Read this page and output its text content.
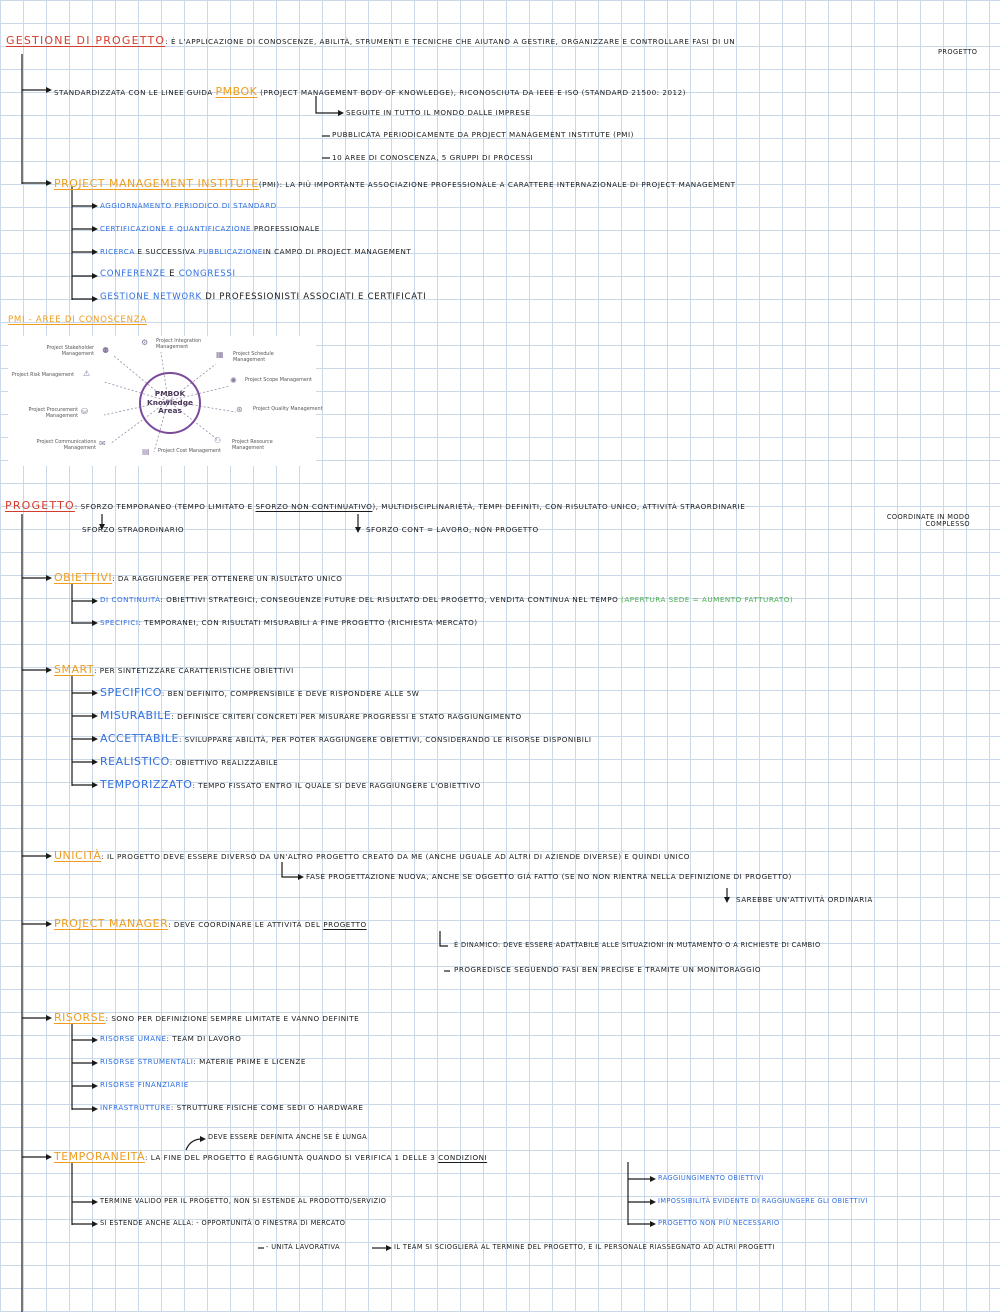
GESTIONE DI PROGETTO: È L'APPLICAZIONE DI CONOSCENZE, ABILITÀ, STRUMENTI E TECNICHE CHE AIUTANO A GESTIRE, ORGANIZZARE E CONTROLLARE FASI DI UN
PROGETTO
STANDARDIZZATA CON LE LINEE GUIDA PMBOK (PROJECT MANAGEMENT BODY OF KNOWLEDGE), RICONOSCIUTA DA IEEE E ISO (STANDARD 21500: 2012)
SEGUITE IN TUTTO IL MONDO DALLE IMPRESE
PUBBLICATA PERIODICAMENTE DA PROJECT MANAGEMENT INSTITUTE (PMI)
10 AREE DI CONOSCENZA, 5 GRUPPI DI PROCESSI
PROJECT MANAGEMENT INSTITUTE(PMI): LA PIÙ IMPORTANTE ASSOCIAZIONE PROFESSIONALE A CARATTERE INTERNAZIONALE DI PROJECT MANAGEMENT
AGGIORNAMENTO PERIODICO DI STANDARD
CERTIFICAZIONE E QUANTIFICAZIONE PROFESSIONALE
RICERCA E SUCCESSIVA PUBBLICAZIONEIN CAMPO DI PROJECT MANAGEMENT
CONFERENZE E CONGRESSI
GESTIONE NETWORK DI PROFESSIONISTI ASSOCIATI E CERTIFICATI
PMI - AREE DI CONOSCENZA
PMBOK
Knowledge
Areas
⚙ Project Integration Management
▦ Project Schedule Management
✺ Project Scope Management
⊛ Project Quality Management
⚇ Project Resource Management
▤ Project Cost Management
✉
Project Communications Management
⛁
Project Procurement Management
⚠
Project Risk Management
⚉
Project Stakeholder Management
PROGETTO: SFORZO TEMPORANEO (TEMPO LIMITATO E SFORZO NON CONTINUATIVO), MULTIDISCIPLINARIETÀ, TEMPI DEFINITI, CON RISULTATO UNICO, ATTIVITÀ STRAORDINARIE
COORDINATE IN MODO COMPLESSO
SFORZO STRAORDINARIO	SFORZO CONT = LAVORO, NON PROGETTO
OBIETTIVI: DA RAGGIUNGERE PER OTTENERE UN RISULTATO UNICO
DI CONTINUITÀ: OBIETTIVI STRATEGICI, CONSEGUENZE FUTURE DEL RISULTATO DEL PROGETTO, VENDITA CONTINUA NEL TEMPO (APERTURA SEDE = AUMENTO FATTURATO)
SPECIFICI: TEMPORANEI, CON RISULTATI MISURABILI A FINE PROGETTO (RICHIESTA MERCATO)
SMART: PER SINTETIZZARE CARATTERISTICHE OBIETTIVI
SPECIFICO: BEN DEFINITO, COMPRENSIBILE E DEVE RISPONDERE ALLE 5W
MISURABILE: DEFINISCE CRITERI CONCRETI PER MISURARE PROGRESSI E STATO RAGGIUNGIMENTO
ACCETTABILE: SVILUPPARE ABILITÀ, PER POTER RAGGIUNGERE OBIETTIVI, CONSIDERANDO LE RISORSE DISPONIBILI
REALISTICO: OBIETTIVO REALIZZABILE
TEMPORIZZATO: TEMPO FISSATO ENTRO IL QUALE SI DEVE RAGGIUNGERE L'OBIETTIVO
UNICITÀ: IL PROGETTO DEVE ESSERE DIVERSO DA UN'ALTRO PROGETTO CREATO DA ME (ANCHE UGUALE AD ALTRI DI AZIENDE DIVERSE) E QUINDI UNICO
FASE PROGETTAZIONE NUOVA, ANCHE SE OGGETTO GIÀ FATTO (SE NO NON RIENTRA NELLA DEFINIZIONE DI PROGETTO)
SAREBBE UN'ATTIVITÀ ORDINARIA
PROJECT MANAGER: DEVE COORDINARE LE ATTIVITÀ DEL PROGETTO
È DINAMICO: DEVE ESSERE ADATTABILE ALLE SITUAZIONI IN MUTAMENTO O A RICHIESTE DI CAMBIO
PROGREDISCE SEGUENDO FASI BEN PRECISE E TRAMITE UN MONITORAGGIO
RISORSE: SONO PER DEFINIZIONE SEMPRE LIMITATE E VANNO DEFINITE
RISORSE UMANE: TEAM DI LAVORO
RISORSE STRUMENTALI: MATERIE PRIME E LICENZE
RISORSE FINANZIARIE
INFRASTRUTTURE: STRUTTURE FISICHE COME SEDI O HARDWARE
DEVE ESSERE DEFINITA ANCHE SE È LUNGA
TEMPORANEITÀ: LA FINE DEL PROGETTO È RAGGIUNTA QUANDO SI VERIFICA 1 DELLE 3 CONDIZIONI
RAGGIUNGIMENTO OBIETTIVI
IMPOSSIBILITÀ EVIDENTE DI RAGGIUNGERE GLI OBIETTIVI
PROGETTO NON PIÙ NECESSARIO
TERMINE VALIDO PER IL PROGETTO, NON SI ESTENDE AL PRODOTTO/SERVIZIO
SI ESTENDE ANCHE ALLA: - OPPORTUNITÀ O FINESTRA DI MERCATO
- UNITÀ LAVORATIVA	IL TEAM SI SCIOGLIERÀ AL TERMINE DEL PROGETTO, E IL PERSONALE RIASSEGNATO AD ALTRI PROGETTI
